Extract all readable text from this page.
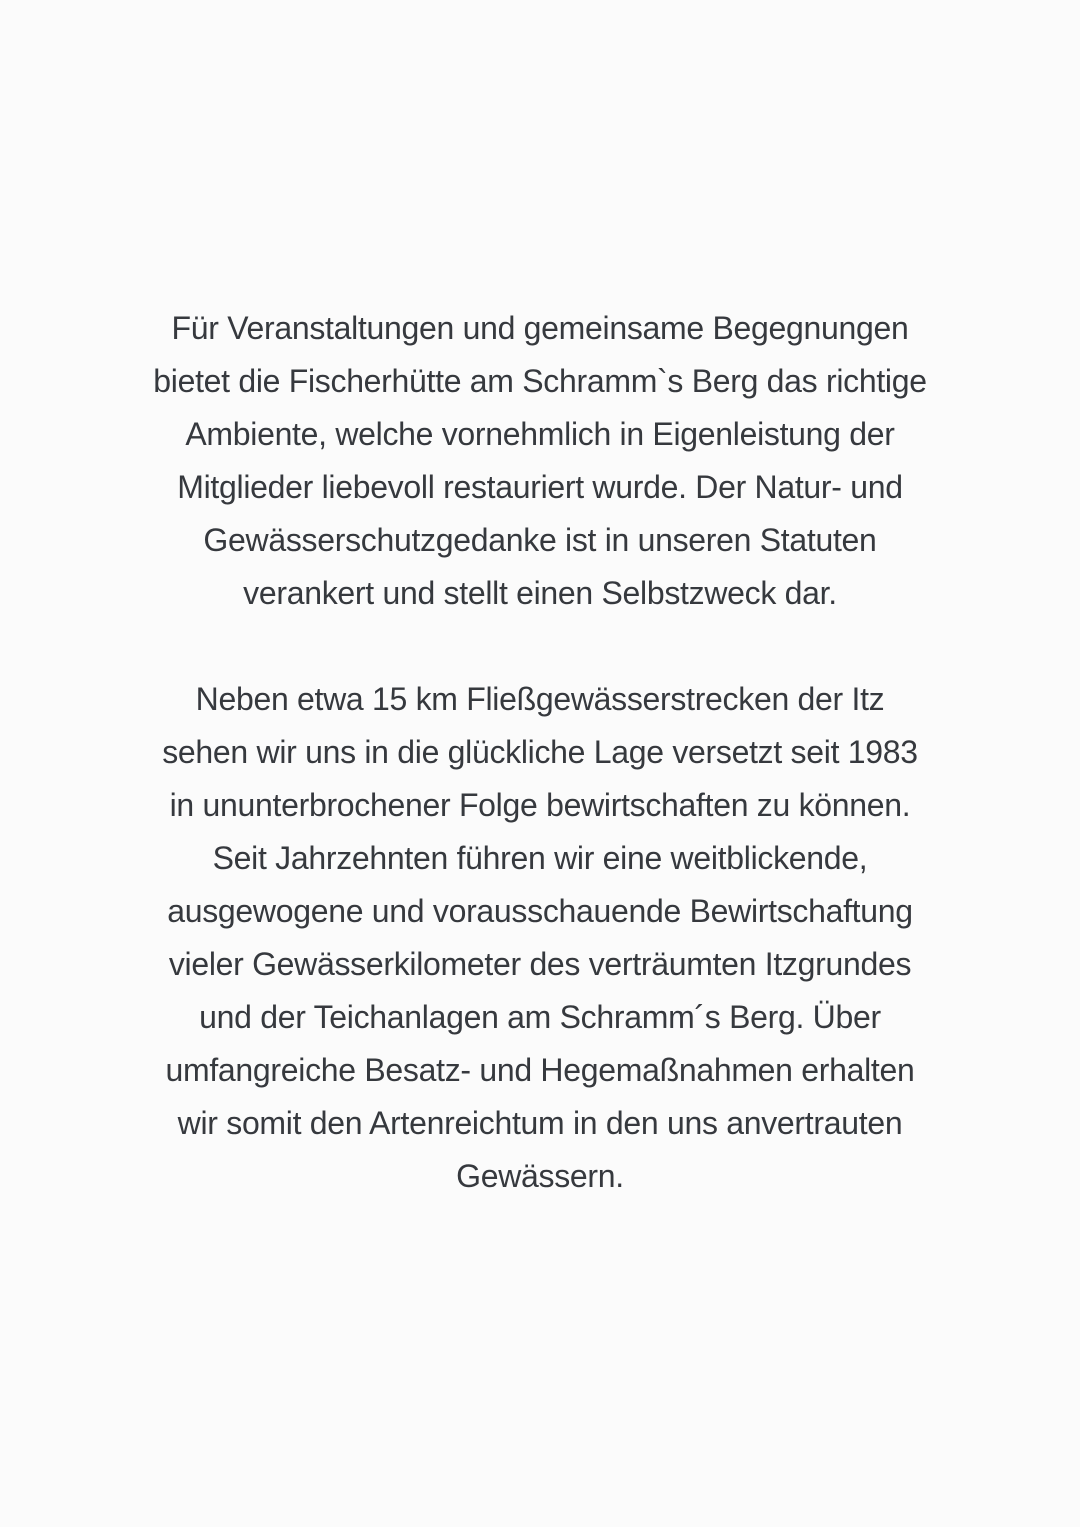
Für Veranstaltungen und gemeinsame Begegnungen
bietet die Fischerhütte am Schramm`s Berg das richtige
Ambiente, welche vornehmlich in Eigenleistung der
Mitglieder liebevoll restauriert wurde. Der Natur- und
Gewässerschutzgedanke ist in unseren Statuten
verankert und stellt einen Selbstzweck dar.

Neben etwa 15 km Fließgewässerstrecken der Itz
sehen wir uns in die glückliche Lage versetzt seit 1983
in ununterbrochener Folge bewirtschaften zu können.
Seit Jahrzehnten führen wir eine weitblickende,
ausgewogene und vorausschauende Bewirtschaftung
vieler Gewässerkilometer des verträumten Itzgrundes
und der Teichanlagen am Schramm´s Berg. Über
umfangreiche Besatz- und Hegemaßnahmen erhalten
wir somit den Artenreichtum in den uns anvertrauten
Gewässern.
